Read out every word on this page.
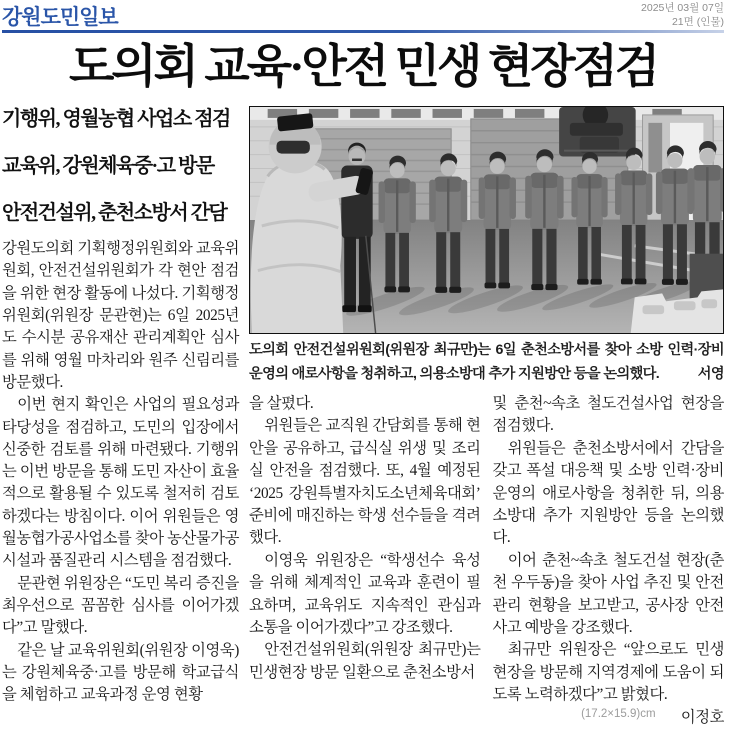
강원도민일보	2025년 03월 07일
21면 (인물)
도의회 교육·안전 민생 현장점검
기행위, 영월농협 사업소 점검
교육위, 강원체육중·고 방문
안전건설위, 춘천소방서 간담

강원도의회 기획행정위원회와 교육위원회, 안전건설위원회가 각 현안 점검을 위한 현장 활동에 나섰다. 기획행정위원회(위원장 문관현)는 6일 2025년도 수시분 공유재산 관리계획안 심사를 위해 영월 마차리와 원주 신림리를 방문했다.

이번 현지 확인은 사업의 필요성과 타당성을 점검하고, 도민의 입장에서 신중한 검토를 위해 마련됐다. 기행위는 이번 방문을 통해 도민 자산이 효율적으로 활용될 수 있도록 철저히 검토하겠다는 방침이다. 이어 위원들은 영월농협가공사업소를 찾아 농산물가공시설과 품질관리 시스템을 점검했다.

문관현 위원장은 “도민 복리 증진을 최우선으로 꼼꼼한 심사를 이어가겠다”고 말했다.

같은 날 교육위원회(위원장 이영욱)는 강원체육중·고를 방문해 학교급식을 체험하고 교육과정 운영 현황

도의회 안전건설위원회(위원장 최규만)는 6일 춘천소방서를 찾아 소방 인력·장비 운영의 애로사항을 청취하고, 의용소방대 추가 지원방안 등을 논의했다.	서영

을 살폈다.

위원들은 교직원 간담회를 통해 현안을 공유하고, 급식실 위생 및 조리실 안전을 점검했다. 또, 4월 예정된 ‘2025 강원특별자치도소년체육대회’ 준비에 매진하는 학생 선수들을 격려했다.

이영욱 위원장은 “학생선수 육성을 위해 체계적인 교육과 훈련이 필요하며, 교육위도 지속적인 관심과 소통을 이어가겠다”고 강조했다.

안전건설위원회(위원장 최규만)는 민생현장 방문 일환으로 춘천소방서

및 춘천~속초 철도건설사업 현장을 점검했다.

위원들은 춘천소방서에서 간담을 갖고 폭설 대응책 및 소방 인력·장비 운영의 애로사항을 청취한 뒤, 의용소방대 추가 지원방안 등을 논의했다.

이어 춘천~속초 철도건설 현장(춘천 우두동)을 찾아 사업 추진 및 안전관리 현황을 보고받고, 공사장 안전사고 예방을 강조했다.

최규만 위원장은 “앞으로도 민생 현장을 방문해 지역경제에 도움이 되도록 노력하겠다”고 밝혔다.
이정호

(17.2×15.9)cm
